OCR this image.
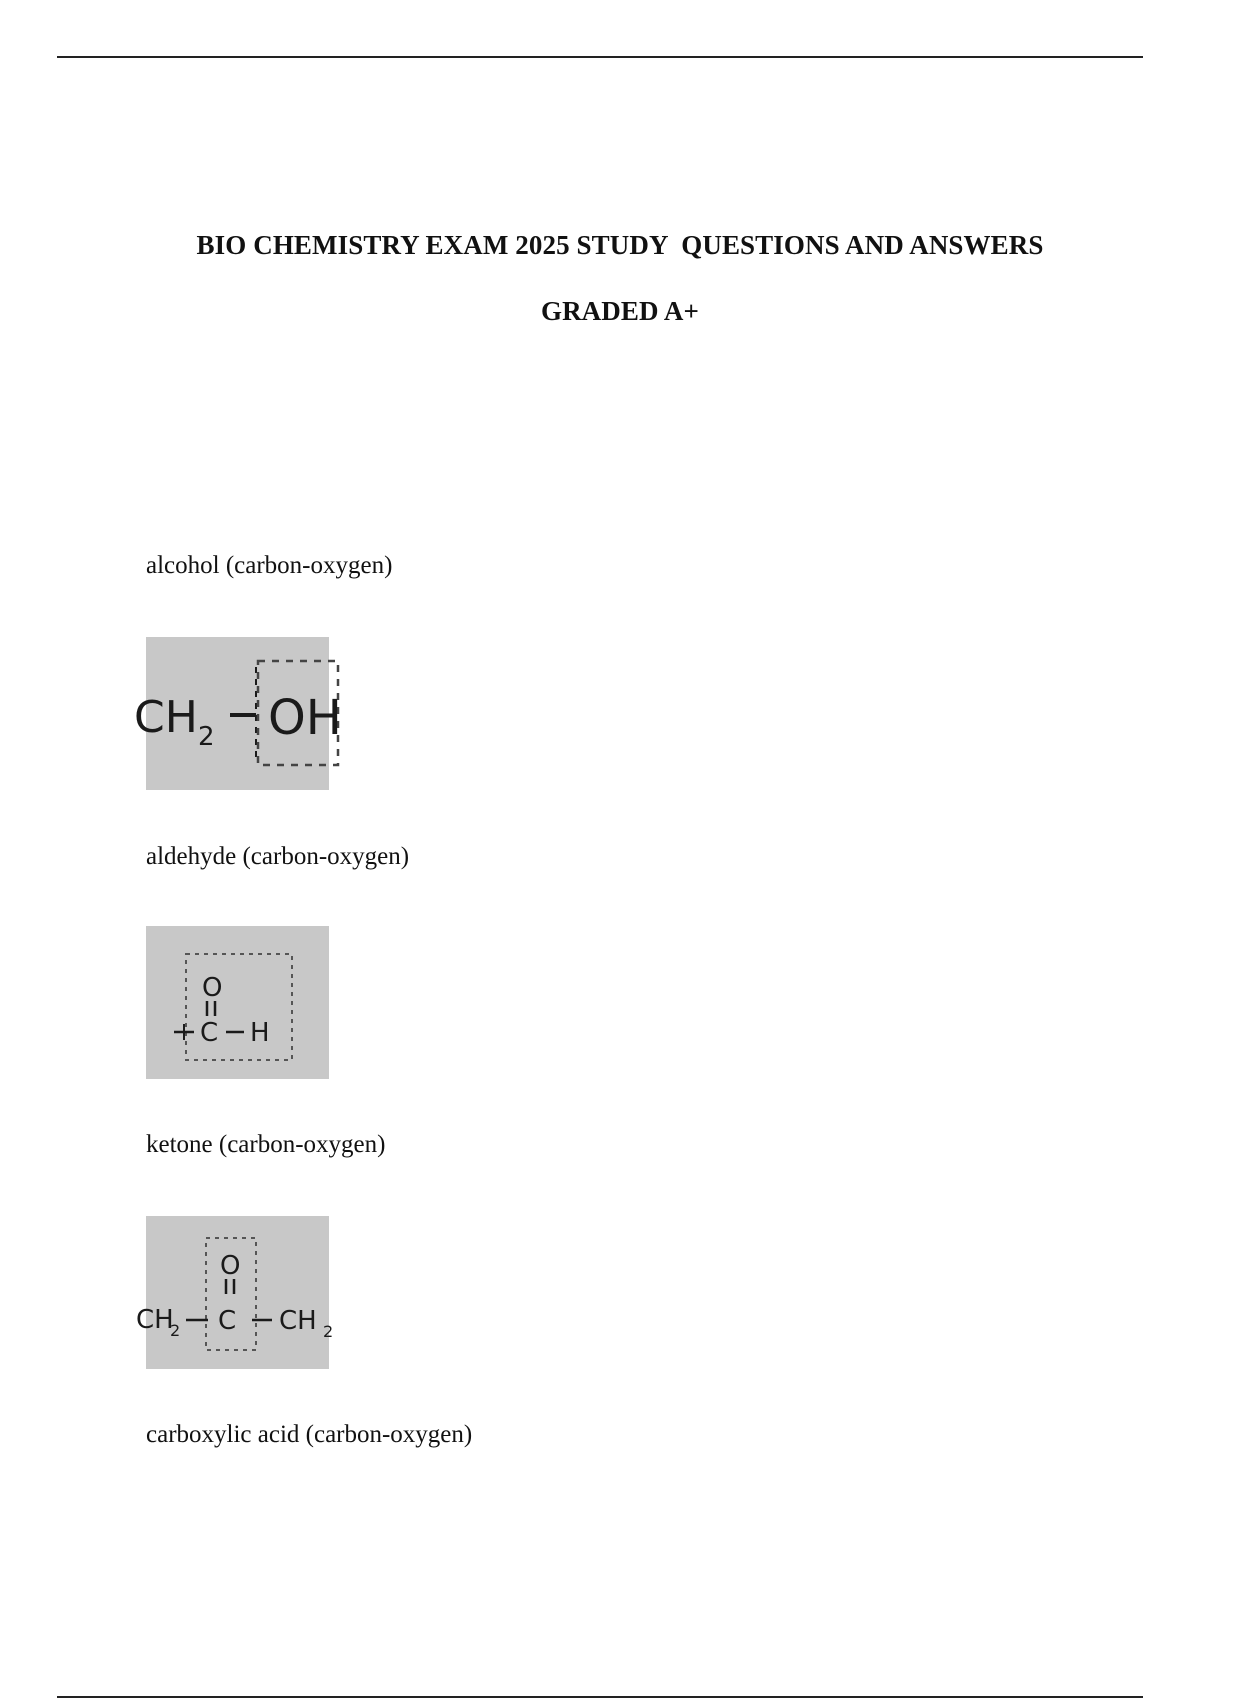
BIO CHEMISTRY EXAM 2025 STUDY  QUESTIONS AND ANSWERS
GRADED A+
alcohol (carbon-oxygen)
CH 2 OH
aldehyde (carbon-oxygen)
O
C H
ketone (carbon-oxygen)
O
CH
2 C CH 2
carboxylic acid (carbon-oxygen)
